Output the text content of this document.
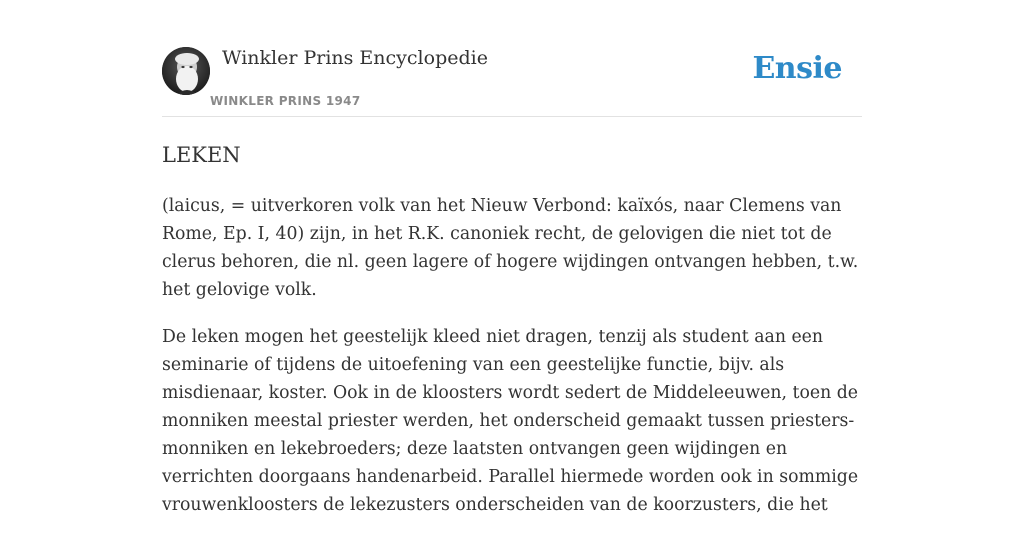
Winkler Prins Encyclopedie
WINKLER PRINS 1947
Ensie
LEKEN

(laicus, = uitverkoren volk van het Nieuw Verbond: kaïxós, naar Clemens van Rome, Ep. I, 40) zijn, in het R.K. canoniek recht, de gelovigen die niet tot de clerus behoren, die nl. geen lagere of hogere wijdingen ontvangen hebben, t.w. het gelovige volk.

De leken mogen het geestelijk kleed niet dragen, tenzij als student aan een seminarie of tijdens de uitoefening van een geestelijke functie, bijv. als misdienaar, koster. Ook in de kloosters wordt sedert de Middeleeuwen, toen de monniken meestal priester werden, het onderscheid gemaakt tussen priesters-monniken en lekebroeders; deze laatsten ontvangen geen wijdingen en verrichten doorgaans handenarbeid. Parallel hiermede worden ook in sommige vrouwenkloosters de lekezusters onderscheiden van de koorzusters, die het
